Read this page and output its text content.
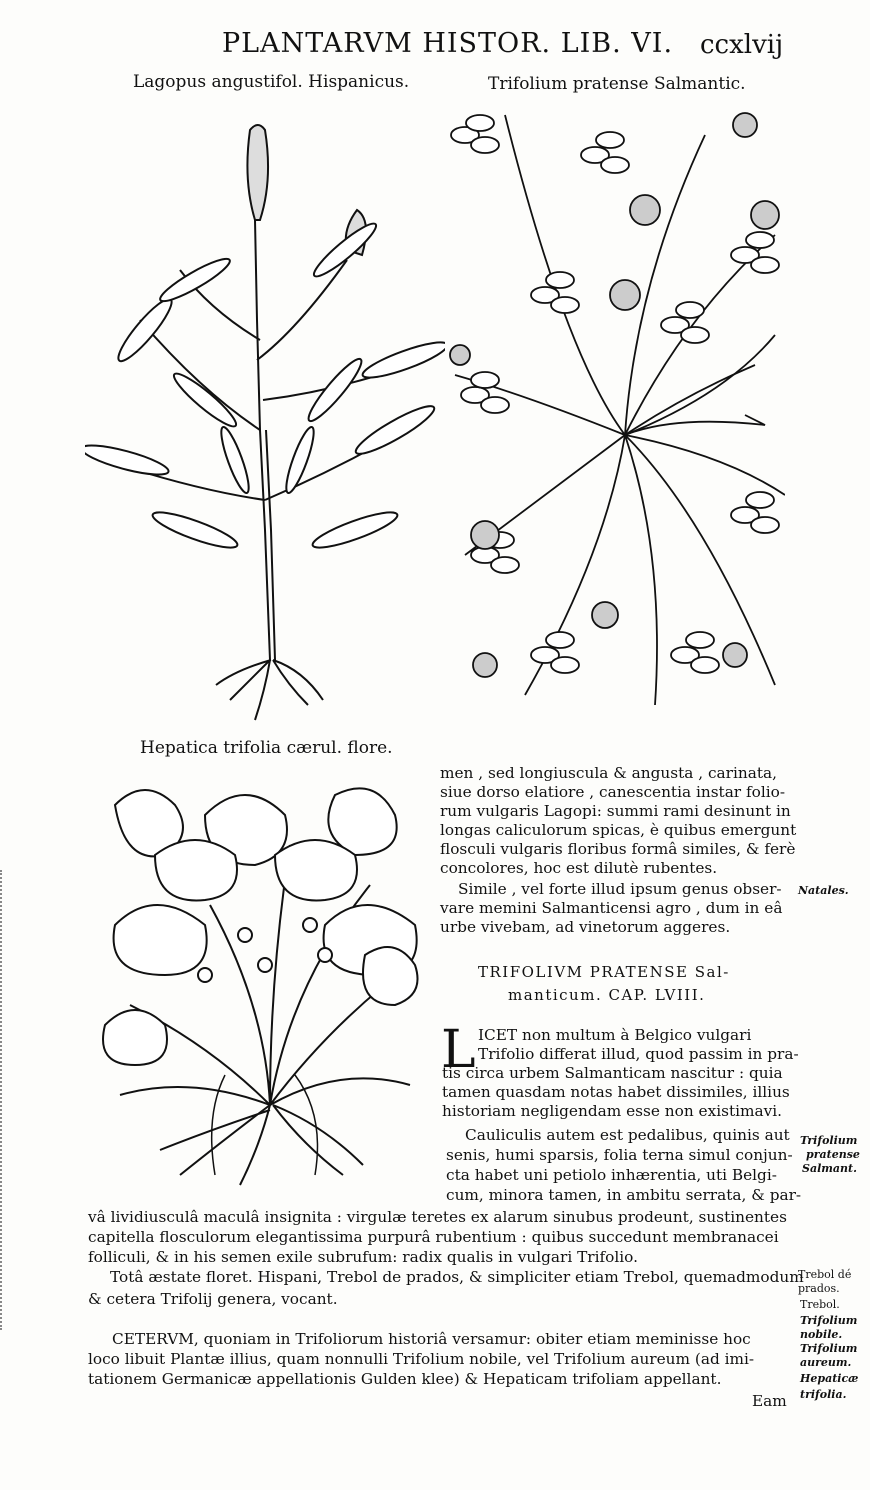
PLANTARVM HISTOR. LIB. VI. ccxlvij
Lagopus angustifol. Hispanicus.	Trifolium pratense Salmantic.
Hepatica trifolia cærul. flore.
men , sed longiuscula & angusta , carinata,
siue dorso elatiore , canescentia instar folio-
rum vulgaris Lagopi: summi rami desinunt in
longas caliculorum spicas, è quibus emergunt
flosculi vulgaris floribus formâ similes, & ferè
concolores, hoc est dilutè rubentes.
Simile , vel forte illud ipsum genus obser-
vare memini Salmanticensi agro , dum in eâ
urbe vivebam, ad vinetorum aggeres.
TRIFOLIVM PRATENSE Sal-
manticum. CAP. LVIII.
L ICET non multum à Belgico vulgari
Trifolio differat illud, quod passim in pra-
tis circa urbem Salmanticam nascitur : quia
tamen quasdam notas habet dissimiles, illius
historiam negligendam esse non existimavi.
Cauliculis autem est pedalibus, quinis aut
senis, humi sparsis, folia terna simul conjun-
cta habet uni petiolo inhærentia, uti Belgi-
cum, minora tamen, in ambitu serrata, & par-
vâ lividiusculâ maculâ insignita : virgulæ teretes ex alarum sinubus prodeunt, sustinentes
capitella flosculorum elegantissima purpurâ rubentium : quibus succedunt membranacei
folliculi, & in his semen exile subrufum: radix qualis in vulgari Trifolio.
Totâ æstate floret. Hispani, Trebol de prados, & simpliciter etiam Trebol, quemadmodum
& cetera Trifolij genera, vocant.
CETERVM, quoniam in Trifoliorum historiâ versamur: obiter etiam meminisse hoc
loco libuit Plantæ illius, quam nonnulli Trifolium nobile, vel Trifolium aureum (ad imi-
tationem Germanicæ appellationis Gulden klee) & Hepaticam trifoliam appellant.
Eam
Natales.
Trifolium
pratense
Salmant.
Trebol dé
prados.
Trebol.
Trifolium
nobile.
Trifolium
aureum.
Hepaticæ
trifolia.
